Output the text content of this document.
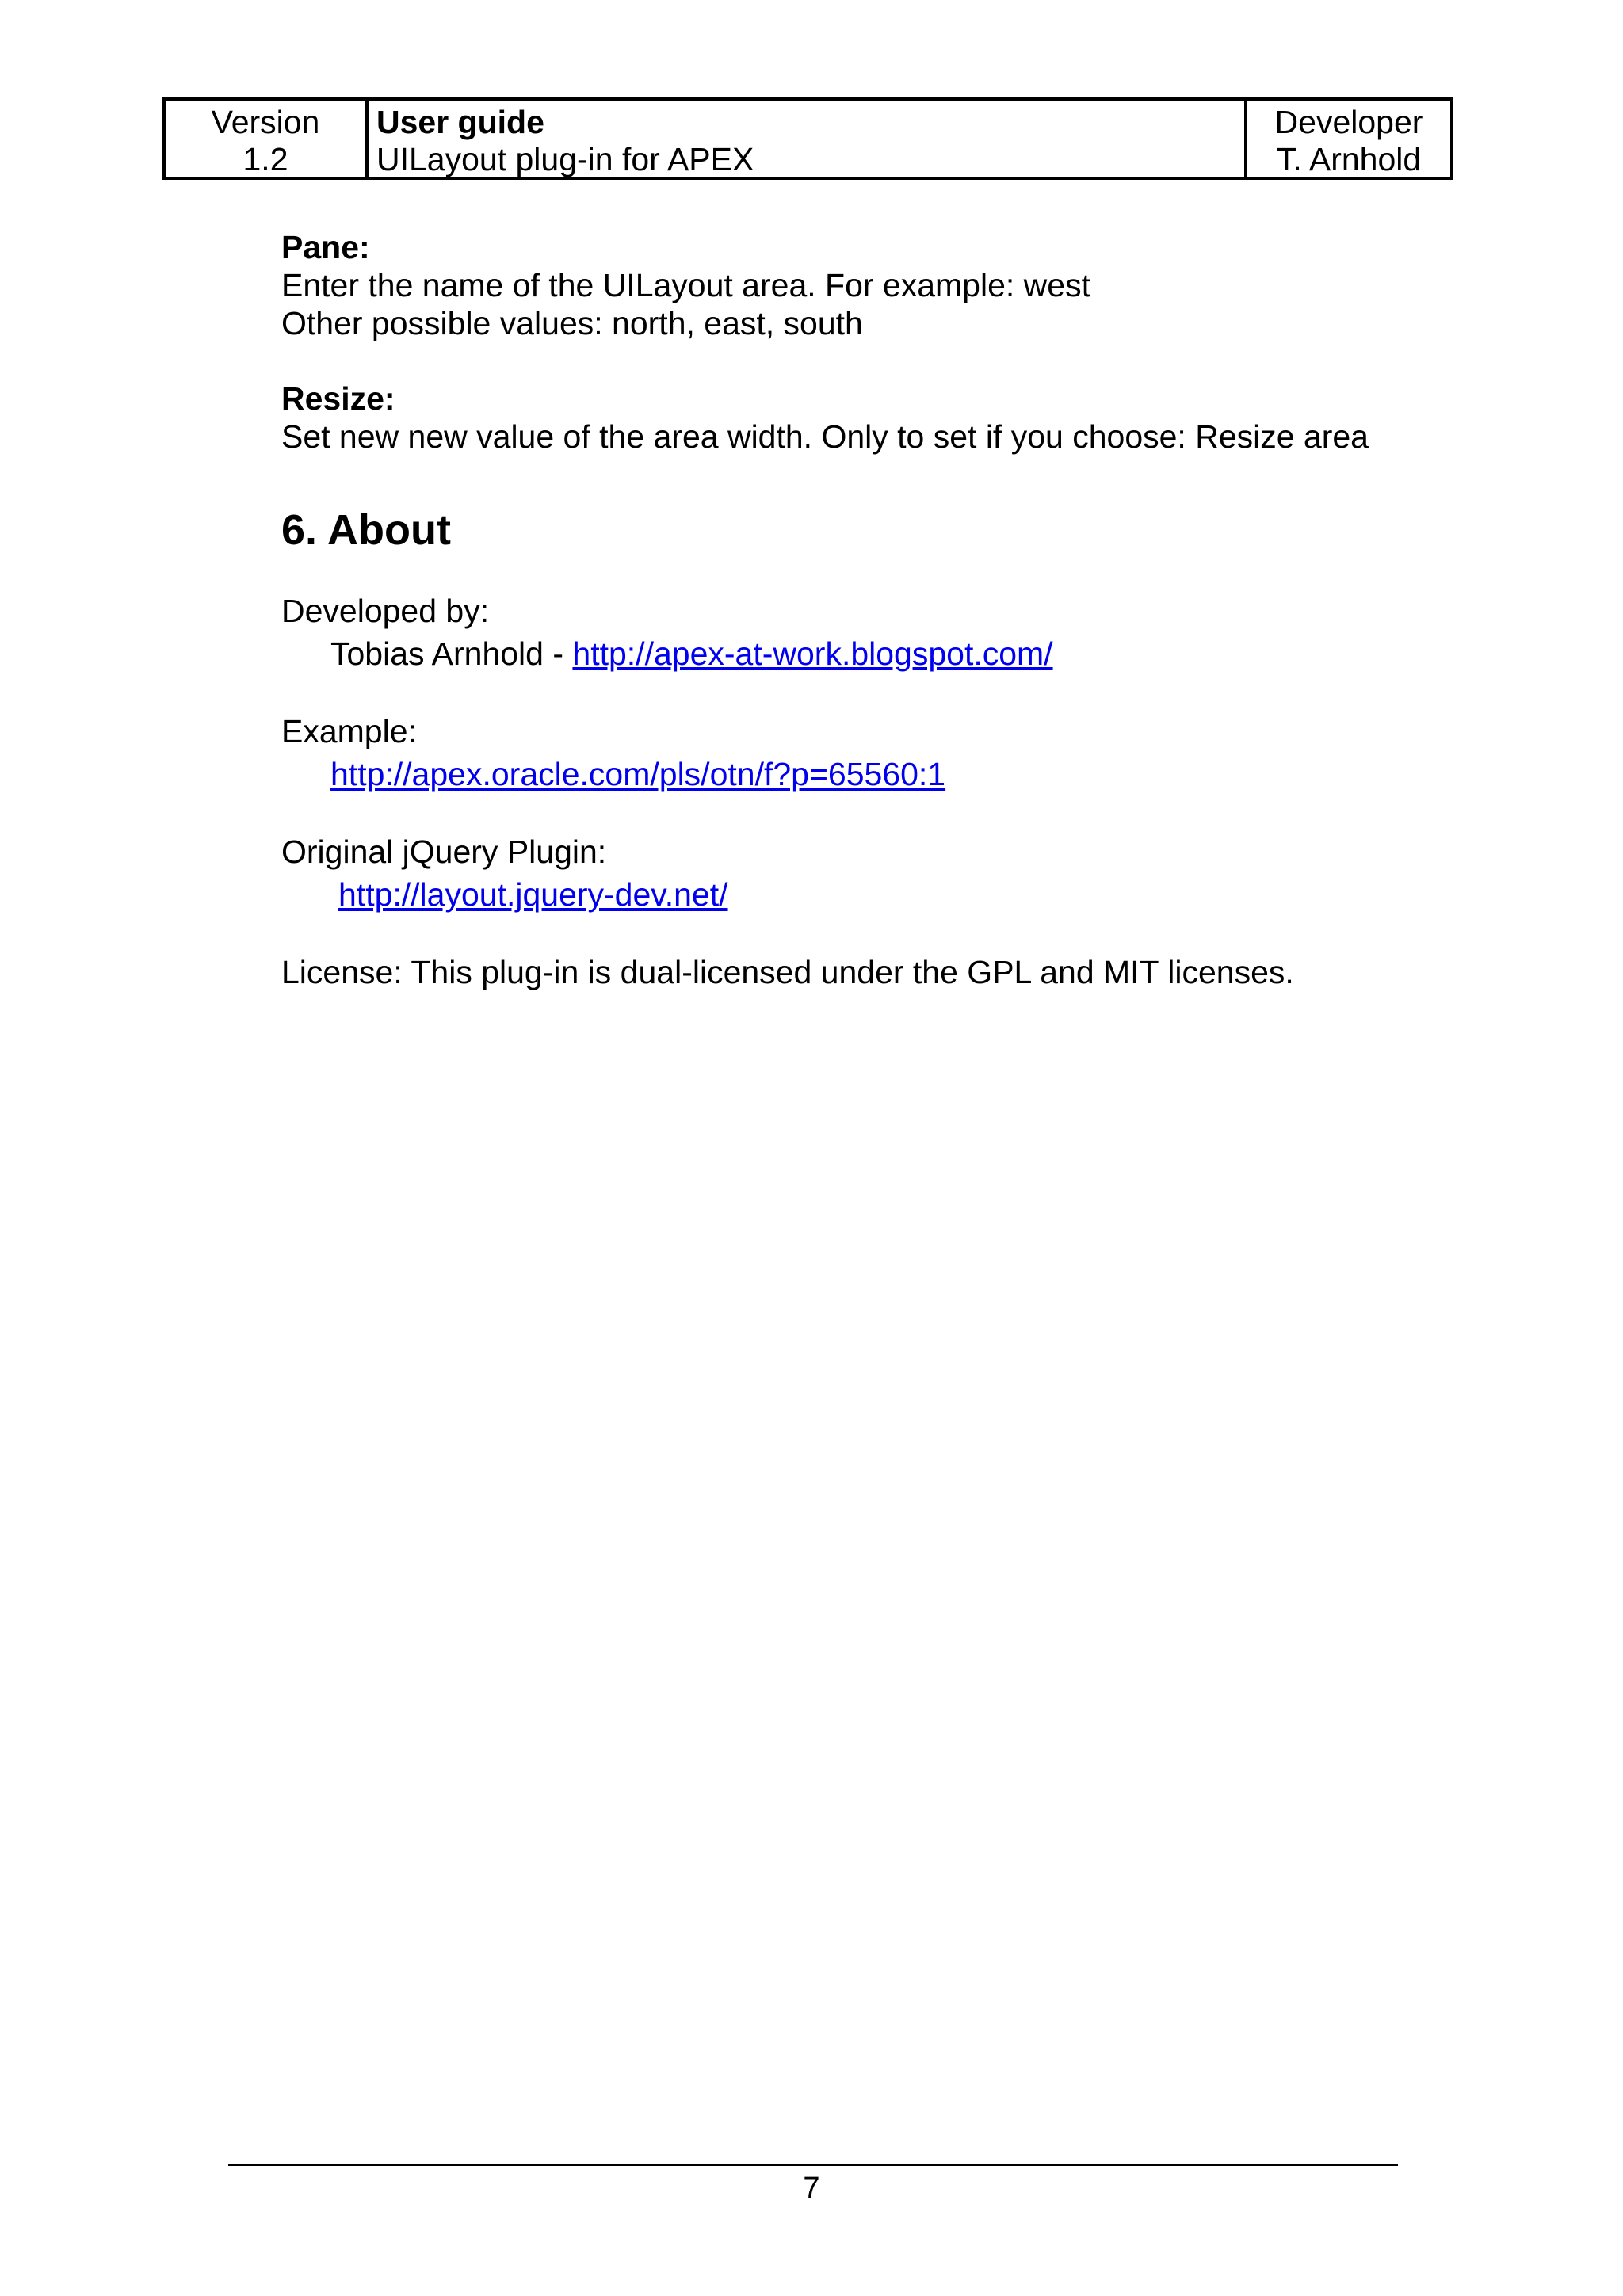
Version
1.2
User guide
UILayout plug-in for APEX
Developer
T. Arnhold
Pane:
Enter the name of the UILayout area. For example: west
Other possible values: north, east, south
Resize:
Set new new value of the area width. Only to set if you choose: Resize area
6. About
Developed by:
Tobias Arnhold - http://apex-at-work.blogspot.com/
Example:
http://apex.oracle.com/pls/otn/f?p=65560:1
Original jQuery Plugin:
http://layout.jquery-dev.net/
License: This plug-in is dual-licensed under the GPL and MIT licenses.
7
